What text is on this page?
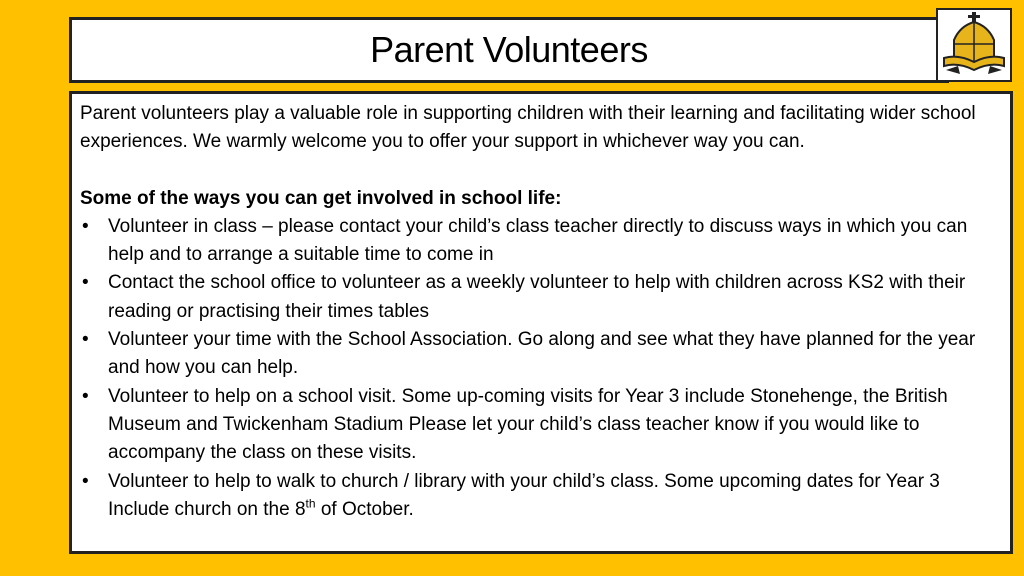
Parent Volunteers

Parent volunteers play a valuable role in supporting children with their learning and facilitating wider school experiences. We warmly welcome you to offer your support in whichever way you can.

Some of the ways you can get involved in school life:

• Volunteer in class – please contact your child’s class teacher directly to discuss ways in which you can help and to arrange a suitable time to come in
• Contact the school office to volunteer as a weekly volunteer to help with children across KS2 with their reading or practising their times tables
• Volunteer your time with the School Association. Go along and see what they have planned for the year and how you can help.
• Volunteer to help on a school visit. Some up-coming visits for Year 3 include Stonehenge, the British Museum and Twickenham Stadium Please let your child’s class teacher know if you would like to accompany the class on these visits.
• Volunteer to help to walk to church / library with your child’s class. Some upcoming dates for Year 3 Include church on the 8th of October.
